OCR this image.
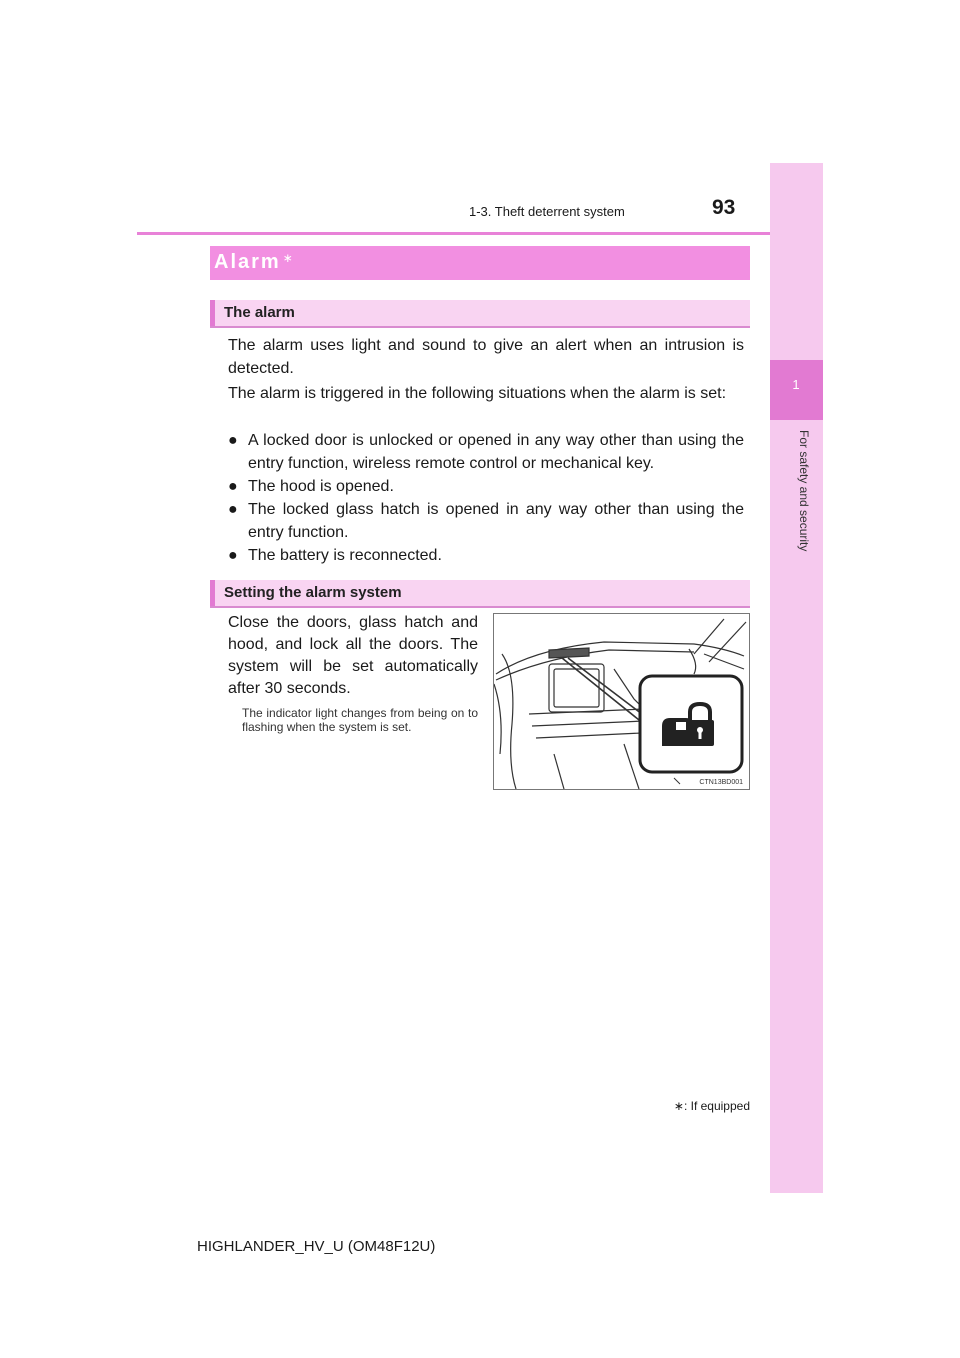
93
1-3. Theft deterrent system
1
For safety and security
Alarm ∗
The alarm
The alarm uses light and sound to give an alert when an intrusion is detected.
The alarm is triggered in the following situations when the alarm is set:
● A locked door is unlocked or opened in any way other than using the entry function, wireless remote control or mechanical key.
● The hood is opened.
● The locked glass hatch is opened in any way other than using the entry function.
● The battery is reconnected.
Setting the alarm system
Close the doors, glass hatch and hood, and lock all the doors. The system will be set automatically after 30 seconds.
The indicator light changes from being on to flashing when the system is set.
CTN13BD001
∗: If equipped
HIGHLANDER_HV_U (OM48F12U)
